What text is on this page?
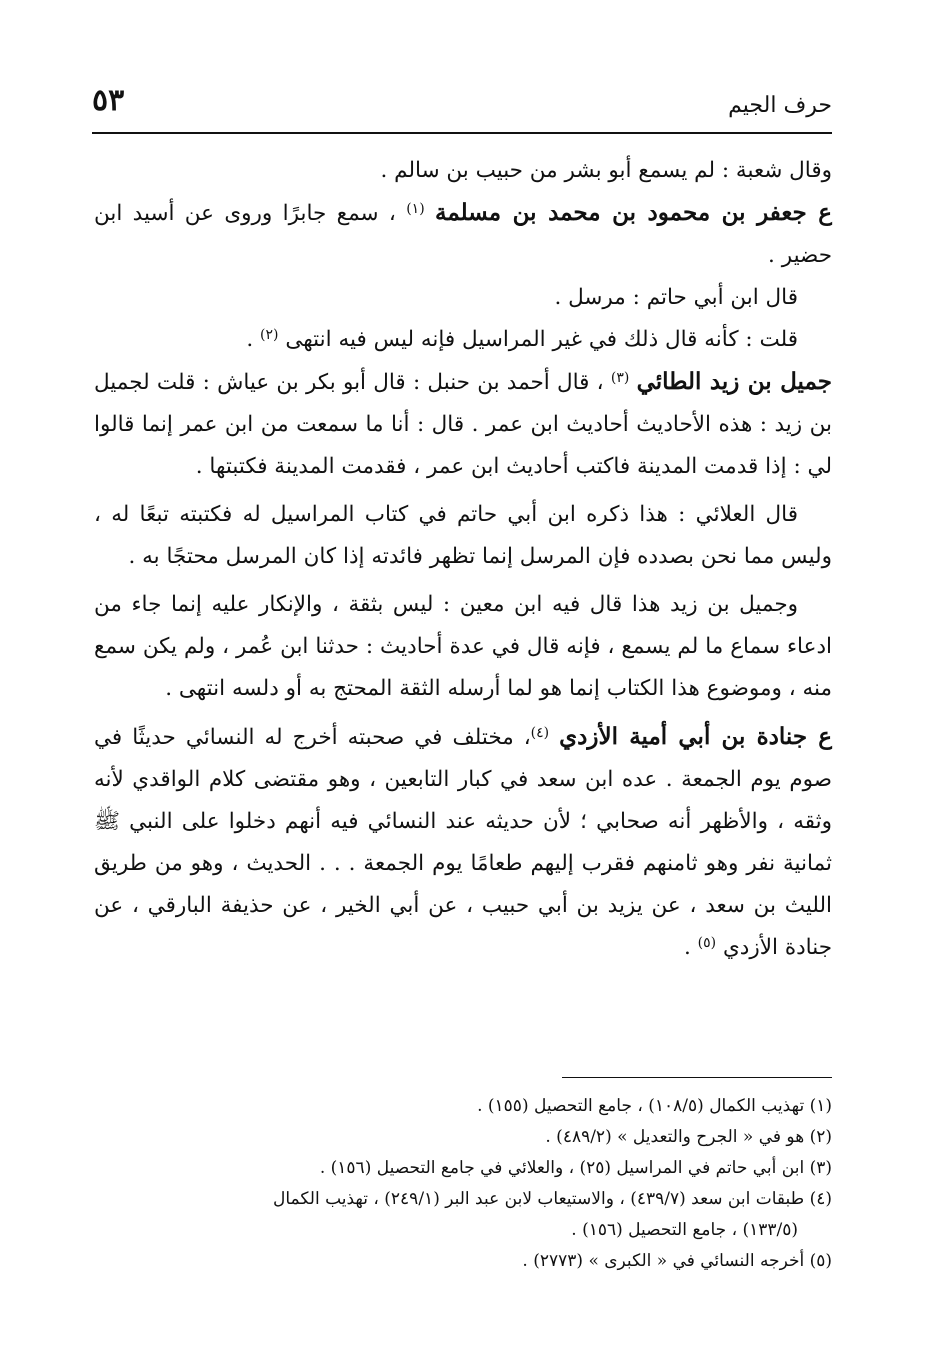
حرف الجيم
٥٣

وقال شعبة : لم يسمع أبو بشر من حبيب بن سالم .

ع جعفر بن محمود بن محمد بن مسلمة $^{(١)}$ ، سمع جابرًا وروى عن أسيد ابن حضير .

قال ابن أبي حاتم : مرسل .

قلت : كأنه قال ذلك في غير المراسيل فإنه ليس فيه انتهى $^{(٢)}$ .

جميل بن زيد الطائي $^{(٣)}$ ، قال أحمد بن حنبل : قال أبو بكر بن عياش : قلت لجميل بن زيد : هذه الأحاديث أحاديث ابن عمر . قال : أنا ما سمعت من ابن عمر إنما قالوا لي : إذا قدمت المدينة فاكتب أحاديث ابن عمر ، فقدمت المدينة فكتبتها .

قال العلائي : هذا ذكره ابن أبي حاتم في كتاب المراسيل له فكتبته تبعًا له ، وليس مما نحن بصدده فإن المرسل إنما تظهر فائدته إذا كان المرسل محتجًا به .

وجميل بن زيد هذا قال فيه ابن معين : ليس بثقة ، والإنكار عليه إنما جاء من ادعاء سماع ما لم يسمع ، فإنه قال في عدة أحاديث : حدثنا ابن عُمر ، ولم يكن سمع منه ، وموضوع هذا الكتاب إنما هو لما أرسله الثقة المحتج به أو دلسه انتهى .

ع جنادة بن أبي أمية الأزدي $^{(٤)}$، مختلف في صحبته أخرج له النسائي حديثًا في صوم يوم الجمعة . عده ابن سعد في كبار التابعين ، وهو مقتضى كلام الواقدي لأنه وثقه ، والأظهر أنه صحابي ؛ لأن حديثه عند النسائي فيه أنهم دخلوا على النبي ﷺ ثمانية نفر وهو ثامنهم فقرب إليهم طعامًا يوم الجمعة . . . الحديث ، وهو من طريق الليث بن سعد ، عن يزيد بن أبي حبيب ، عن أبي الخير ، عن حذيفة البارقي ، عن جنادة الأزدي $^{(٥)}$ .

(١) تهذيب الكمال (١٠٨/٥) ، جامع التحصيل (١٥٥) .

(٢) هو في « الجرح والتعديل » (٤٨٩/٢) .

(٣) ابن أبي حاتم في المراسيل (٢٥) ، والعلائي في جامع التحصيل (١٥٦) .

(٤) طبقات ابن سعد (٤٣٩/٧) ، والاستيعاب لابن عبد البر (٢٤٩/١) ، تهذيب الكمال

(١٣٣/٥) ، جامع التحصيل (١٥٦) .

(٥) أخرجه النسائي في « الكبرى » (٢٧٧٣) .
